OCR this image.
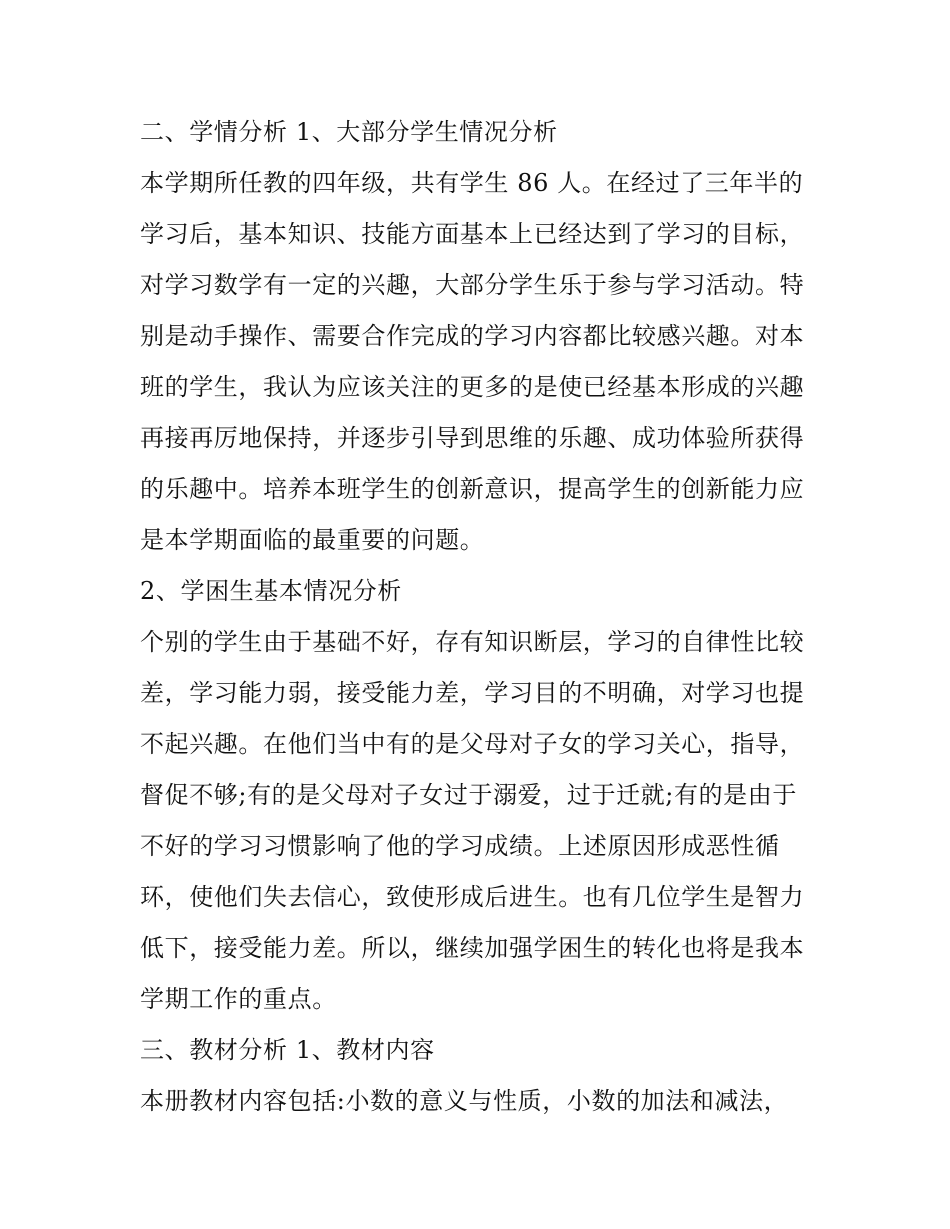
二、学情分析 1、大部分学生情况分析
本学期所任教的四年级，共有学生 86 人。在经过了三年半的
学习后，基本知识、技能方面基本上已经达到了学习的目标，
对学习数学有一定的兴趣，大部分学生乐于参与学习活动。特
别是动手操作、需要合作完成的学习内容都比较感兴趣。对本
班的学生，我认为应该关注的更多的是使已经基本形成的兴趣
再接再厉地保持，并逐步引导到思维的乐趣、成功体验所获得
的乐趣中。培养本班学生的创新意识，提高学生的创新能力应
是本学期面临的最重要的问题。
2、学困生基本情况分析
个别的学生由于基础不好，存有知识断层，学习的自律性比较
差，学习能力弱，接受能力差，学习目的不明确，对学习也提
不起兴趣。在他们当中有的是父母对子女的学习关心，指导，
督促不够;有的是父母对子女过于溺爱，过于迁就;有的是由于
不好的学习习惯影响了他的学习成绩。上述原因形成恶性循
环，使他们失去信心，致使形成后进生。也有几位学生是智力
低下，接受能力差。所以，继续加强学困生的转化也将是我本
学期工作的重点。
三、教材分析 1、教材内容
本册教材内容包括:小数的意义与性质，小数的加法和减法，
